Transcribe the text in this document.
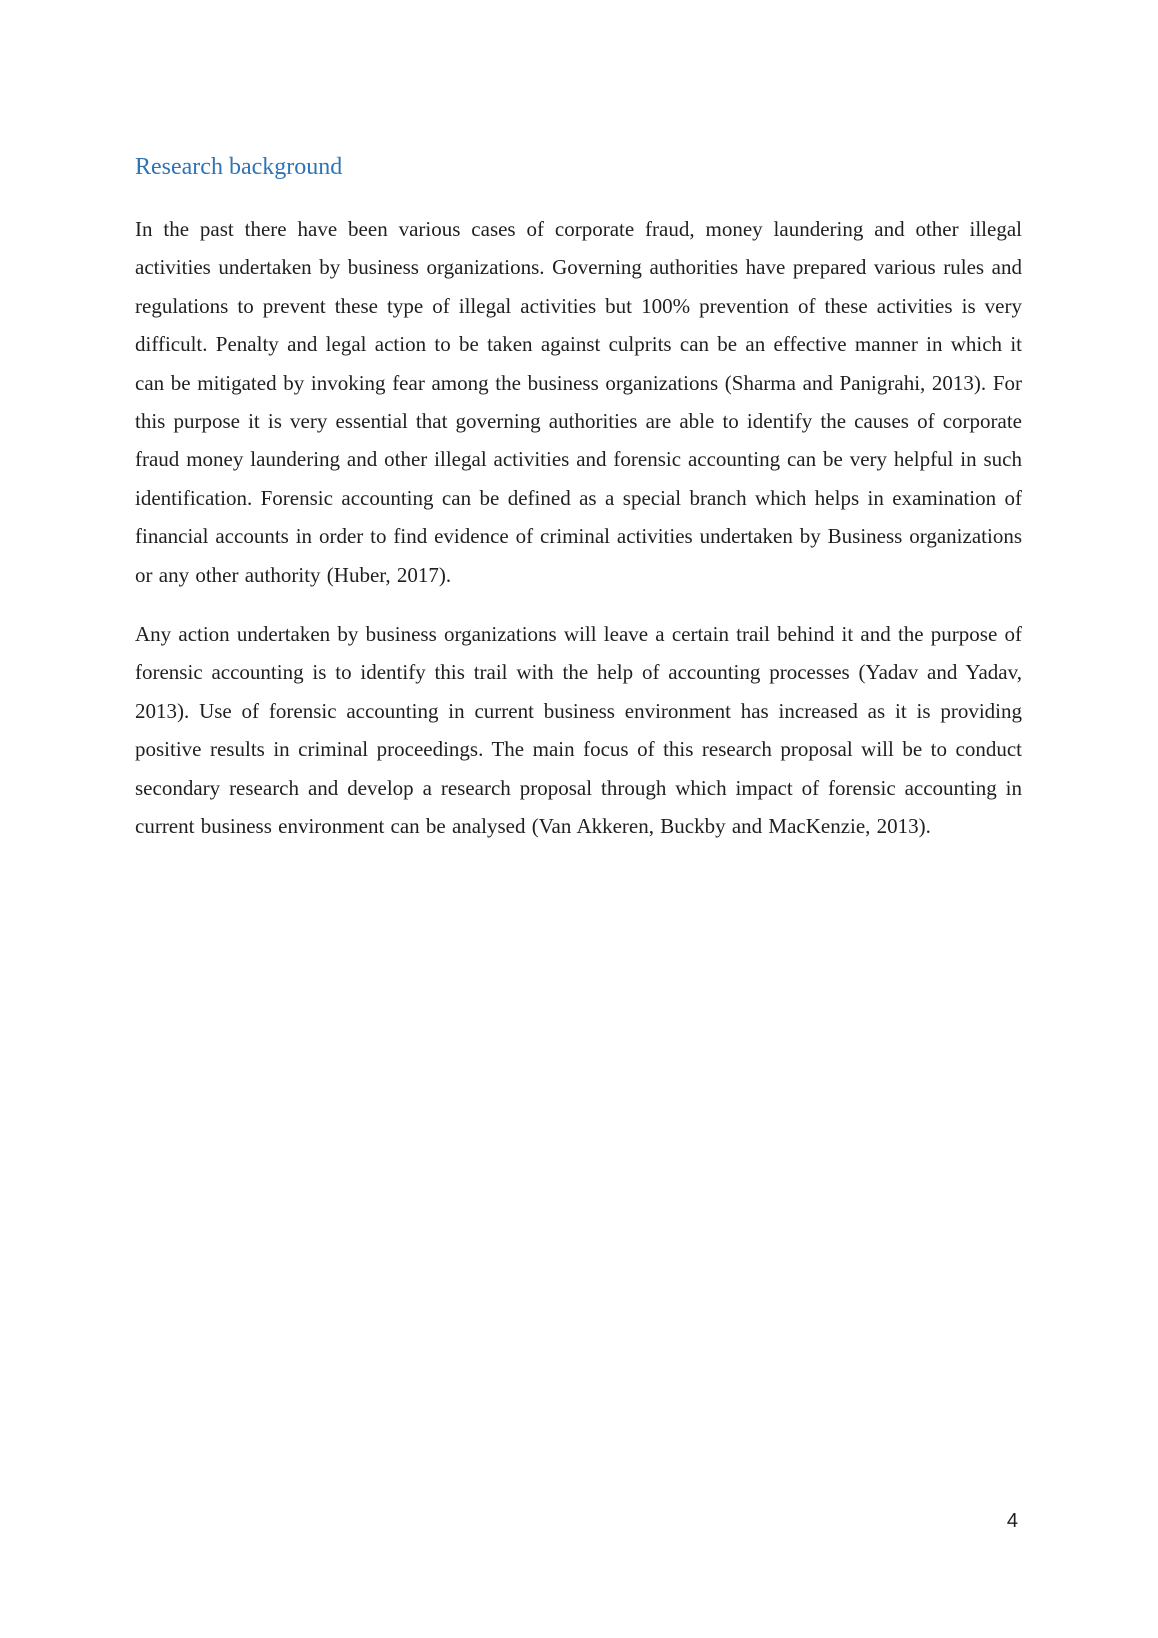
Research background

In the past there have been various cases of corporate fraud, money laundering and other illegal activities undertaken by business organizations. Governing authorities have prepared various rules and regulations to prevent these type of illegal activities but 100% prevention of these activities is very difficult. Penalty and legal action to be taken against culprits can be an effective manner in which it can be mitigated by invoking fear among the business organizations (Sharma and Panigrahi, 2013). For this purpose it is very essential that governing authorities are able to identify the causes of corporate fraud money laundering and other illegal activities and forensic accounting can be very helpful in such identification. Forensic accounting can be defined as a special branch which helps in examination of financial accounts in order to find evidence of criminal activities undertaken by Business organizations or any other authority (Huber, 2017).

Any action undertaken by business organizations will leave a certain trail behind it and the purpose of forensic accounting is to identify this trail with the help of accounting processes (Yadav and Yadav, 2013). Use of forensic accounting in current business environment has increased as it is providing positive results in criminal proceedings. The main focus of this research proposal will be to conduct secondary research and develop a research proposal through which impact of forensic accounting in current business environment can be analysed (Van Akkeren, Buckby and MacKenzie, 2013).

4
